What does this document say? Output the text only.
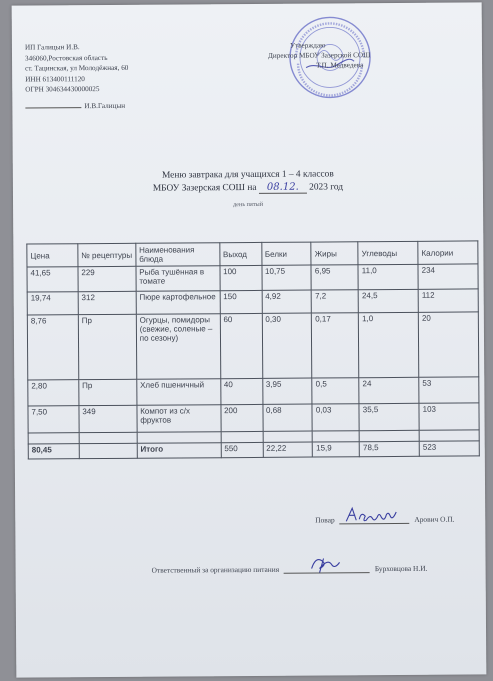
ИП Галицын И.В.
346060,Ростовская область
ст. Тацинская, ул Молодёжная, 60
ИНН 613400111120
ОГРН 304634430000025
И.В.Галицын
Утверждаю
Директор МБОУ Зазерской СОШ
Т.П. Медведева
Меню завтрака для учащихся 1 – 4 классов
МБОУ Зазерская СОШ на 08.12. 2023 год
день пятый
Цена	№ рецептуры	Наименования блюда	Выход	Белки	Жиры	Углеводы	Калории
41,65	229	Рыба тушённая в томате	100	10,75	6,95	11,0	234
19,74	312	Пюре картофельное	150	4,92	7,2	24,5	112
8,76	Пр	Огурцы, помидоры (свежие, соленые – по сезону)	60	0,30	0,17	1,0	20
2,80	Пр	Хлеб пшеничный	40	3,95	0,5	24	53
7,50	349	Компот из с/х фруктов	200	0,68	0,03	35,5	103

80,45		Итого	550	22,22	15,9	78,5	523
Повар	Арович О.П.
Ответственный за организацию питания	Бурховцова Н.И.
